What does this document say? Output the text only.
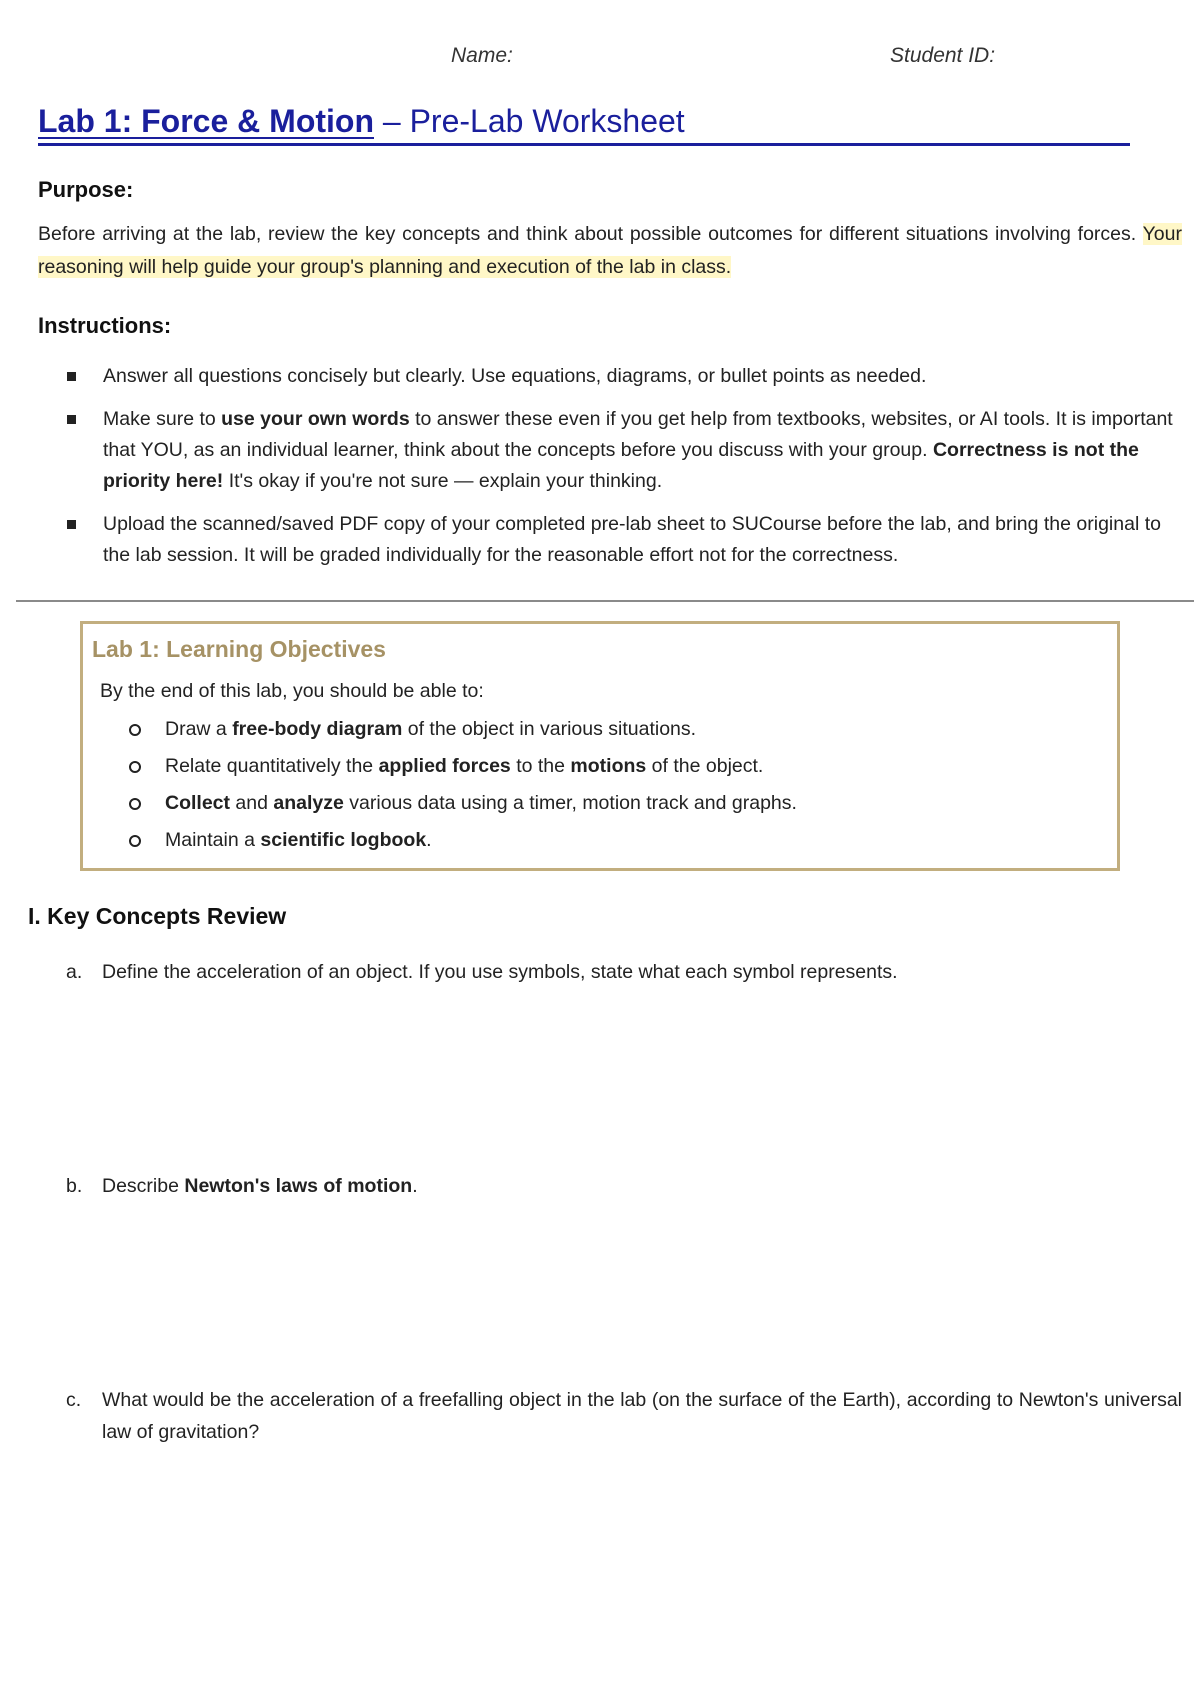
Name:	Student ID:
Lab 1: Force & Motion – Pre-Lab Worksheet
Purpose:
Before arriving at the lab, review the key concepts and think about possible outcomes for different situations involving forces. Your reasoning will help guide your group's planning and execution of the lab in class.
Instructions:
Answer all questions concisely but clearly. Use equations, diagrams, or bullet points as needed.
Make sure to use your own words to answer these even if you get help from textbooks, websites, or AI tools. It is important that YOU, as an individual learner, think about the concepts before you discuss with your group. Correctness is not the priority here! It's okay if you're not sure — explain your thinking.
Upload the scanned/saved PDF copy of your completed pre-lab sheet to SUCourse before the lab, and bring the original to the lab session. It will be graded individually for the reasonable effort not for the correctness.
Lab 1: Learning Objectives
By the end of this lab, you should be able to:
Draw a free-body diagram of the object in various situations.
Relate quantitatively the applied forces to the motions of the object.
Collect and analyze various data using a timer, motion track and graphs.
Maintain a scientific logbook.
I. Key Concepts Review
a. Define the acceleration of an object. If you use symbols, state what each symbol represents.
b. Describe Newton's laws of motion.
c. What would be the acceleration of a freefalling object in the lab (on the surface of the Earth), according to Newton's universal law of gravitation?
